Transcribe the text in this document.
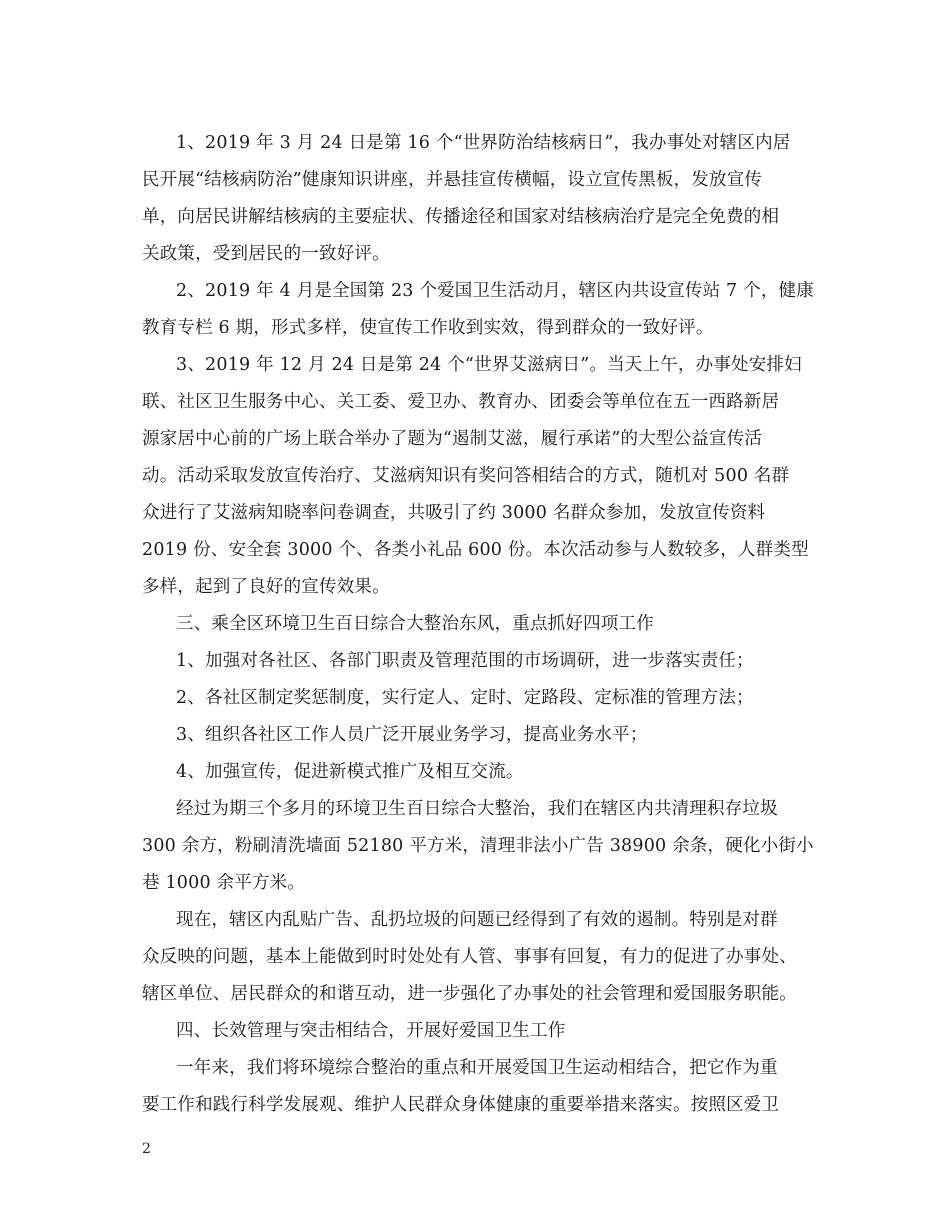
1、2019 年 3 月 24 日是第 16 个“世界防治结核病日”，我办事处对辖区内居
民开展“结核病防治”健康知识讲座，并悬挂宣传横幅，设立宣传黑板，发放宣传
单，向居民讲解结核病的主要症状、传播途径和国家对结核病治疗是完全免费的相
关政策，受到居民的一致好评。
2、2019 年 4 月是全国第 23 个爱国卫生活动月，辖区内共设宣传站 7 个，健康
教育专栏 6 期，形式多样，使宣传工作收到实效，得到群众的一致好评。
3、2019 年 12 月 24 日是第 24 个“世界艾滋病日”。当天上午，办事处安排妇
联、社区卫生服务中心、关工委、爱卫办、教育办、团委会等单位在五一西路新居
源家居中心前的广场上联合举办了题为“遏制艾滋，履行承诺”的大型公益宣传活
动。活动采取发放宣传治疗、艾滋病知识有奖问答相结合的方式，随机对 500 名群
众进行了艾滋病知晓率问卷调查，共吸引了约 3000 名群众参加，发放宣传资料
2019 份、安全套 3000 个、各类小礼品 600 份。本次活动参与人数较多，人群类型
多样，起到了良好的宣传效果。
三、乘全区环境卫生百日综合大整治东风，重点抓好四项工作
1、加强对各社区、各部门职责及管理范围的市场调研，进一步落实责任；
2、各社区制定奖惩制度，实行定人、定时、定路段、定标准的管理方法；
3、组织各社区工作人员广泛开展业务学习，提高业务水平；
4、加强宣传，促进新模式推广及相互交流。
经过为期三个多月的环境卫生百日综合大整治，我们在辖区内共清理积存垃圾
300 余方，粉刷清洗墙面 52180 平方米，清理非法小广告 38900 余条，硬化小街小
巷 1000 余平方米。
现在，辖区内乱贴广告、乱扔垃圾的问题已经得到了有效的遏制。特别是对群
众反映的问题，基本上能做到时时处处有人管、事事有回复，有力的促进了办事处、
辖区单位、居民群众的和谐互动，进一步强化了办事处的社会管理和爱国服务职能。
四、长效管理与突击相结合，开展好爱国卫生工作
一年来，我们将环境综合整治的重点和开展爱国卫生运动相结合，把它作为重
要工作和践行科学发展观、维护人民群众身体健康的重要举措来落实。按照区爱卫
2
